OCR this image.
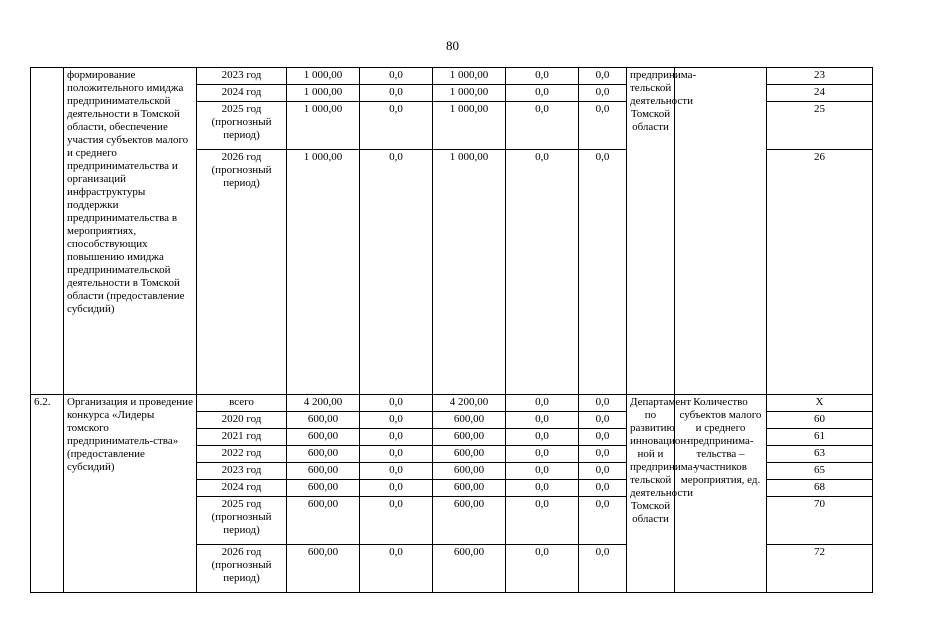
80
	формирование положительного имиджа предпринимательской деятельности в Томской области, обеспечение участия субъектов малого и среднего предпринимательства и организаций инфраструктуры поддержки предпринимательства в мероприятиях, способствующих повышению имиджа предпринимательской деятельности в Томской области (предоставление субсидий)	2023 год	1 000,00	0,0	1 000,00	0,0	0,0	предпринима-тельской деятельности Томской области		23
		2024 год	1 000,00	0,0	1 000,00	0,0	0,0			24
		2025 год (прогнозный период)	1 000,00	0,0	1 000,00	0,0	0,0			25
		2026 год (прогнозный период)	1 000,00	0,0	1 000,00	0,0	0,0			26
6.2.	Организация и проведение конкурса «Лидеры томского предприниматель-ства» (предоставление субсидий)	всего	4 200,00	0,0	4 200,00	0,0	0,0	Департамент по развитию инновацион-ной и предпринима-тельской деятельности Томской области	Количество субъектов малого и среднего предпринима-тельства – участников мероприятия, ед.	Х
		2020 год	600,00	0,0	600,00	0,0	0,0			60
		2021 год	600,00	0,0	600,00	0,0	0,0			61
		2022 год	600,00	0,0	600,00	0,0	0,0			63
		2023 год	600,00	0,0	600,00	0,0	0,0			65
		2024 год	600,00	0,0	600,00	0,0	0,0			68
		2025 год (прогнозный период)	600,00	0,0	600,00	0,0	0,0			70
		2026 год (прогнозный период)	600,00	0,0	600,00	0,0	0,0			72
